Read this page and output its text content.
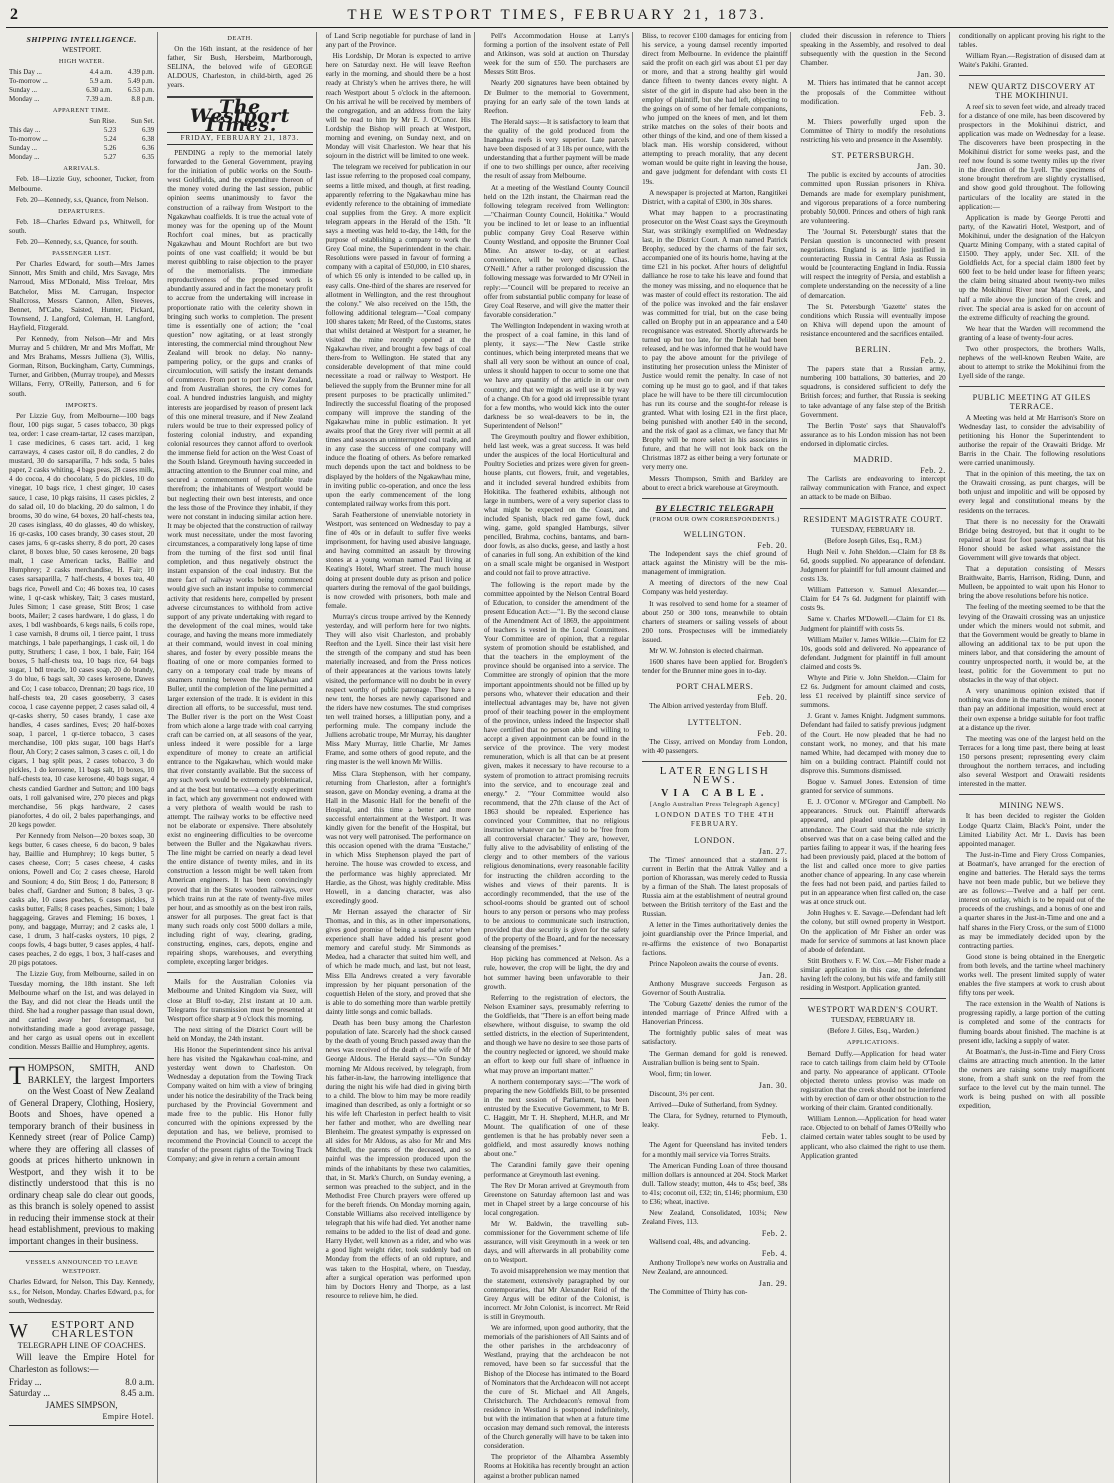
2	THE WESTPORT TIMES, FEBRUARY 21, 1873.
SHIPPING INTELLIGENCE.
WESTPORT.
HIGH WATER.
This Day ...	4.4 a.m.	4.39 p.m.
To-morrow ...	5.9 a.m.	5.49 p.m.
Sunday ...	6.30 a.m.	6.53 p.m.
Monday ...	7.39 a.m.	8.8 p.m.
APPARENT TIME.
	Sun Rise.	Sun Set.
This day ...	5.23	6.39
To-morrow ...	5.24	6.38
Sunday ...	5.26	6.36
Monday ...	5.27	6.35
ARRIVALS.

Feb. 18—Lizzie Guy, schooner, Tucker, from Melbourne.

Feb. 20—Kennedy, s.s, Quance, from Nelson.

DEPARTURES.

Feb. 18—Charles Edward p.s, Whitwell, for south.

Feb. 20—Kennedy, s.s, Quance, for south.

PASSENGER LIST.

Per Charles Edward, for south—Mrs James Sinnott, Mrs Smith and child, Mrs Savage, Mrs Narroud, Miss M'Donald, Miss Treloar, Mrs Batchelor, Miss M. Carrugan, Inspector Shallcross, Messrs Cannon, Allen, Steeves, Bennet, M'Cabe, Saisted, Hunter, Pickard, Townsend, J. Langford, Coleman, H. Langford, Hayfield, Fitzgerald.

Per Kennedy, from Nelson—Mr and Mrs Murray and 5 children, Mr and Mrs Moffatt, Mr and Mrs Brahams, Messrs Julliena (3), Willis, Gorman, Ritson, Buckingham, Carty, Cummings, Turner, and Gribben, (Murray troupe), and Messrs Willans, Ferry, O'Reilly, Patterson, and 6 for south.

IMPORTS.

Per Lizzie Guy, from Melbourne—100 bags flour, 100 pigs sugar, 5 cases tobacco, 30 pkgs tea, order: 1 case cream-tartar, 12 cases marzipan, 1 case medicines, 6 cases tart. acid, 1 keg carraways, 4 cases castor oil, 8 do candles, 2 do mustard, 30 do sarsaparilla, 7 hds soda, 5 bales paper, 2 casks whiting, 4 bags peas, 28 cases milk, 4 do cocoa, 4 do chocolate, 5 do pickles, 10 do vinegar, 10 bags rice, 1 chest ginger, 10 cases sauce, 1 case, 10 pkgs raisins, 11 cases pickles, 2 do salad oil, 10 do blacking, 20 do salmon, 1 do brooms, 30 do wine, 64 boxes, 20 half-chests tea, 20 cases isinglass, 40 do glasses, 40 do whiskey, 16 qr-casks, 100 cases brandy, 30 cases stout, 20 cases jams, 6 qr-casks sherry, 8 do port, 20 cases claret, 8 boxes blue, 50 cases kerosene, 20 bags malt, 1 case American tacks, Baillie and Humphrey; 2 casks merchandise, H. Fair; 10 cases sarsaparilla, 7 half-chests, 4 boxes tea, 40 bags rice, Powell and Co; 46 boxes tea, 10 cases wine, 1 qr-cask whiskey, Tait; 3 cases mustard, Jules Simon; 1 case grease, Stitt Bros; 1 case boots, Mailer; 2 cases hardware, 1 do glass, 1 do axes, 1 bdl washboards, 6 kegs nails, 6 coils rope, 1 case varnish, 8 drums oil, 1 tierce paint, 1 truss matchings, 1 bale paperhangings, 1 cask oil, 1 do putty, Struthers; 1 case, 1 box, 1 bale, Fair; 164 boxes, 5 half-chests tea, 10 bags rice, 64 bags sugar, 1 bdl treacle, 10 cases soap, 20 do brandy, 3 do blue, 6 bags salt, 30 cases kerosene, Dawes and Co; 1 case tobacco, Drennan; 20 bags rice, 10 half-chests tea, 20 cases gooseberry, 3 cases cocoa, 1 case cayenne pepper, 2 cases salad oil, 4 qr-casks sherry, 50 cases brandy, 1 case axe handles, 4 cases sardines, Eves; 20 half-boxes soap, 1 parcel, 1 qr-tierce tobacco, 3 cases merchandise, 100 pkts sugar, 100 bags Hart's flour, Ah Cory; 2 cases salmon, 3 cases c. oil, 1 do cigars, 1 bag split peas, 2 cases tobacco, 3 do pickles, 1 do kerosene, 11 bags salt, 10 boxes, 10 half-chests tea, 10 case kerosene, 40 bags sugar, 4 chests candied Gardner and Sutton; and 100 bags oats, 1 roll galvanised wire, 270 pieces and pkgs merchandise, 56 pkgs hardware, 2 cases pianofortes, 4 do oil, 2 bales paperhangings, and 20 kegs powder.

Per Kennedy from Nelson—20 boxes soap, 30 kegs butter, 6 cases cheese, 6 do bacon, 9 bales hay, Baillie and Humphrey; 10 kegs butter, 5 cases cheese, Corr; 5 cases cheese, 4 casks onions, Powell and Co; 2 cases cheese, Harold and Sounion; 4 do, Stitt Bros; 1 do, Patterson; 8 bales chaff, Gardner and Sutton; 8 bales, 3 qr-casks ale, 10 cases peaches, 6 cases pickles, 3 casks butter, Falls; 8 cases peaches, Simon; 1 bale haggageing, Graves and Fleming; 16 boxes, 1 pony, and baggage, Murray; and 2 casks ale, 1 case, 1 drum, 3 half-casks oysters, 10 pigs, 2 coops fowls, 4 bags butter, 9 cases apples, 4 half-cases peaches, 2 do eggs, 1 box, 3 half-cases and 20 pigs potatoes.

The Lizzie Guy, from Melbourne, sailed in on Tuesday morning, the 18th instant. She left Melbourne wharf on the 1st, and was delayed in the Bay, and did not clear the Heads until the third. She had a rougher passage than usual down, and carried away her foretopmast, but notwithstanding made a good average passage, and her cargo as usual opens out in excellent condition. Messrs Baillie and Humphrey, agents.

T HOMPSON, SMITH, AND BARKLEY, the largest Importers on the West Coast of New Zealand of General Drapery, Clothing, Hosiery, Boots and Shoes, have opened a temporary branch of their business in Kennedy street (rear of Police Camp) where they are offering all classes of goods at prices hitherto unknown in Westport, and they wish it to be distinctly understood that this is no ordinary cheap sale do clear out goods, as this branch is solely opened to assist in reducing their immense stock at their head establishment, previous to making important changes in their business.
VESSELS ANNOUNCED TO LEAVE WESTPORT.

Charles Edward, for Nelson, This Day. Kennedy, s.s., for Nelson, Monday. Charles Edward, p.s, for south, Wednesday.

W ESTPORT AND CHARLESTON
TELEGRAPH LINE OF COACHES.

Will leave the Empire Hotel for Charleston as follows:—

Friday ...	8.0 a.m.
Saturday ...	8.45 a.m.
JAMES SIMPSON,
Empire Hotel.
DEATH.

On the 16th instant, at the residence of her father, Sir Bush, Hersbeim, Marlborough, SELINA, the beloved wife of GEORGE ALDOUS, Charleston, in child-birth, aged 26 years.

The Westport Times.
FRIDAY, FEBRUARY 21, 1873.

PENDING a reply to the memorial lately forwarded to the General Government, praying for the initiation of public works on the South-west Goldfields, and the expenditure thereon of the money voted during the last session, public opinion seems unanimously to favor the construction of a railway from Westport to the Ngakawhau coalfields. It is true the actual vote of money was for the opening up of the Mount Rochfort coal mines, but as practically Ngakawhau and Mount Rochfort are but two points of one vast coalfield; it would be but merest quibbling to raise objection to the prayer of the memorialists. The immediate reproductiveness of the proposed work is abundantly assured and in fact the monetary profit to accrue from the undertaking will increase in proportionate ratio with the celerity shown in bringing such works to completion. The present time is essentially one of action; the "coal question" now agitating, or at least strongly interesting, the commercial mind throughout New Zealand will brook no delay. No nanny-pampering policy, or the gups and cranks of circumlocution, will satisfy the instant demands of commerce. From port to port in New Zealand, and from Australian shores, the cry comes for coal. A hundred industries languish, and mighty interests are jeopardised by reason of present lack of this one mineral treasure, and if New Zealand rulers would be true to their expressed policy of fostering colonial industry, and expanding colonial resources they cannot afford to overlook the immense field for action on the West Coast of the South Island. Greymouth having succeeded in attracting attention to the Brunner coal mine, and secured a commencement of profitable trade therefrom; the inhabitants of Westport would be but neglecting their own best interests, and once the less those of the Province they inhabit, if they were not constant in inducing similar action here. It may be objected that the construction of railway work must necessitate, under the most favoring circumstances, a comparatively long lapse of time from the turning of the first sod until final completion, and thus negatively obstruct the instant expansion of the coal industry. But the mere fact of railway works being commenced would give such an instant impulse to commercial activity that residents here, compelled by present adverse circumstances to withhold from active support of any private undertaking with regard to the development of the coal mines, would take courage, and having the means more immediately at their command, would invest in coal mining shares, and foster by every possible means the floating of one or more companies formed to carry on a temporary coal trade by means of steamers running between the Ngakawhau and Buller, until the completion of the line permitted a larger extension of the trade. It is evident in this direction all efforts, to be successful, must tend. The Buller river is the port on the West Coast from which alone a large trade with coal carrying craft can be carried on, at all seasons of the year, unless indeed it were possible for a large expenditure of money to create an artificial entrance to the Ngakawhau, which would make that river constantly available. But the success of any such work would be extremely problematical, and at the best but tentative—a costly experiment in fact, which any government not endowed with a very plethora of wealth would be rash to attempt. The railway works to be effective need not be elaborate or expensive. There absolutely exist no engineering difficulties to be overcome between the Buller and the Ngakawhau rivers. The line might be carried on nearly a dead level the entire distance of twenty miles, and in its construction a lesson might be well taken from American engineers. It has been convincingly proved that in the States wooden railways, over which trains run at the rate of twenty-five miles per hour, and as smoothly as on the best iron rails, answer for all purposes. The great fact is that many such roads only cost 5000 dollars a mile, including right of way, clearing, grading, constructing, engines, cars, depots, engine and repairing shops, warehouses, and everything complete, excepting larger bridges.

Mails for the Australian Colonies via Melbourne and United Kingdom via Suez, will close at Bluff to-day, 21st instant at 10 a.m. Telegrams for transmission must be presented at Westport office sharp at 9 o'clock this morning.

The next sitting of the District Court will be held on Monday, the 24th instant.

His Honor the Superintendent since his arrival here has visited the Ngakawhau coal-mine, and yesterday went down to Charleston. On Wednesday a deputation from the Towing Track Company waited on him with a view of bringing under his notice the desirability of the Track being purchased by the Provincial Government and made free to the public. His Honor fully concurred with the opinions expressed by the deputation and has, we believe, promised to recommend the Provincial Council to accept the transfer of the present rights of the Towing Track Company; and give in return a certain amount

of Land Scrip negotiable for purchase of land in any part of the Province.

His Lordship, Dr Moran is expected to arrive here on Saturday next. He will leave Reefton early in the morning, and should there be a host ready at Christy's when he arrives there, he will reach Westport about 5 o'clock in the afternoon. On his arrival he will be received by members of the congregation, and an address from the laity will be read to him by Mr E. J. O'Conor. His Lordship the Bishop will preach at Westport, morning and evening, on Sunday next, and on Monday will visit Charleston. We hear that his sojourn in the district will be limited to one week.

The telegram we received for publication in our last issue referring to the proposed coal company, seems a little mixed, and though, at first reading, apparently referring to the Ngakawhau mine has evidently reference to the obtaining of immediate coal supplies from the Grey. A more explicit telegram appears in the Herald of the 15th. "It says a meeting was held to-day, the 14th, for the purpose of establishing a company to work the Grey Coal mine, the Superintendent in the chair. Resolutions were passed in favour of forming a company with a capital of £50,000, in £10 shares, of which £6 only is intended to be called up, in easy calls. One-third of the shares are reserved for allotment in Wellington, and the rest throughout the colony." We also received on the 15th, the following additional telegram—"Coal company 100 shares taken; Mr Reed, of the Customs, states that whilst detained at Westport for a steamer, he visited the mine recently opened at the Ngakawhau river, and brought a few bags of coal there-from to Wellington. He stated that any considerable development of that mine could necessitate a road or railway to Westport. He believed the supply from the Brunner mine for all present purposes to be practically unlimited." Indirectly the successful floating of the proposed company will improve the standing of the Ngakawhau mine in public estimation. It yet awaits proof that the Grey river will permit at all times and seasons an uninterrupted coal trade, and in any case the success of one company will induce the floating of others. As before remarked much depends upon the tact and boldness to be displayed by the holders of the Ngakawhau mine, in inviting public co-operation, and once the less upon the early commencement of the long contemplated railway works from this port.

Sarah Featherstone of unenviable notoriety in Westport, was sentenced on Wednesday to pay a fine of 40s or in default to suffer five weeks imprisonment, for having used abusive language, and having committed an assault by throwing stones at a young woman named Paul living at Keating's Hotel, Wharf street. The much house doing at present double duty as prison and police quarters during the removal of the gaol buildings, is now crowded with prisoners, both male and female.

Murray's circus troupe arrived by the Kennedy yesterday, and will perform here for two nights. They will also visit Charleston, and probably Reefton and the Lyell. Since their last visit here the strength of the company and stud has been materially increased, and from the Press notices of their appearances at the various towns lately visited, the performance will no doubt be in every respect worthy of public patronage. They have a new tent, the horses are newly caparisoned and the riders have new costumes. The stud comprises ten well trained horses, a lilliputian pony, and a performing mule. The company include the Julliens acrobatic troupe, Mr Murray, his daughter Miss Mary Murray, little Charlie, Mr James Frame, and some others of good repute, and the ring master is the well known Mr Willis.

Miss Clara Stephenson, with her company, returning from Charleston, after a fortnight's season, gave on Monday evening, a drama at the Hall in the Masonic Hall for the benefit of the Hospital, and this time a better and more successful entertainment at the Westport. It was kindly given for the benefit of the Hospital, but was not very well patronised. The performance on this occasion opened with the drama "Eustache," in which Miss Stephenson played the part of heroine. The house was crowded to excess, and the performance was highly appreciated. Mr Hardie, as the Ghost, was highly creditable. Miss Howell, in a dancing character, was also exceedingly good.

Mr Hernan assayed the character of Sir Thomas, and in this, as in other impersonations, gives good promise of being a useful actor when experience shall have added his present good memory and careful study. Mr Simmonds as Medea, had a character that suited him well, and of which he made much, and last, but not least, Miss Ella Andrews created a very favorable impression by her piquant personation of the coquettish Helen of the story, and proved that she is able to do something more than warble prettily dainty little songs and comic ballads.

Death has been busy among the Charleston population of late. Scarcely had the shock caused by the death of young Bruch passed away than the news was received of the death of the wife of Mr George Aldous. The Herald says:—"On Sunday morning Mr Aldous received, by telegraph, from his father-in-law, the harrowing intelligence that during the night his wife had died in giving birth to a child. The blow to him may be more readily imagined than described, as only a fortnight or so his wife left Charleston in perfect health to visit her father and mother, who are dwelling near Blenheim. The greatest sympathy is expressed on all sides for Mr Aldous, as also for Mr and Mrs Mitchell, the parents of the deceased, and so painful was the impression produced upon the minds of the inhabitants by these two calamities, that, in St. Mark's Church, on Sunday evening, a sermon was preached to the subject, and in the Methodist Free Church prayers were offered up for the bereft friends. On Monday morning again, Constable Williams also received intelligence by telegraph that his wife had died. Yet another name remains to be added to the list of dead and gone. Harry Hyder, well known as a rider, and who was a good light weight rider, took suddenly bad on Monday from the effects of an old rupture, and was taken to the Hospital, where, on Tuesday, after a surgical operation was performed upon him by Doctors Henry and Thorpe, as a last resource to relieve him, he died.

Pell's Accommodation House at Larry's forming a portion of the insolvent estate of Pell and Atkinson, was sold at auction on Thursday week for the sum of £50. The purchasers are Messrs Stitt Bros.

Nearly 200 signatures have been obtained by Dr Bulmer to the memorial to Government, praying for an early sale of the town lands at Reefton.

The Herald says:—It is satisfactory to learn that the quality of the gold produced from the Inangahua reefs is very superior. Late parcels have been disposed of at 3 18s per ounce, with the understanding that a further payment will be made if one to two shillings per ounce, after receiving the result of assay from Melbourne.

At a meeting of the Westland County Council held on the 12th instant, the Chairman read the following telegram received from Wellington:—"Chairman County Council, Hokitika." Would you be inclined to let or lease to an influential public company Grey Coal Reserve within County Westland, and opposite the Brunner Coal Mine. An answer to-day, or at earliest convenience, will be very obliging. Chas. O'Neill." After a rather prolonged discussion the following message was forwarded to Mr O'Neil in reply:—"Council will be prepared to receive an offer from substantial public company for lease of Grey Coal Reserve, and will give the matter their favorable consideration."

The Wellington Independent in waxing wroth at the prospect of a coal famine, in this land of plenty, it says:—"The New Castle strike continues, which being interpreted means that we shall all very soon be without an ounce of coal, unless it should happen to occur to some one that we have any quantity of the article in our own country, and that we might as well use it by way of a change. Oh for a good old irrepressible tyrant for a few months, who would kick into the outer darkness be so weal-deavers to be in, the Superintendent of Nelson!"

The Greymouth poultry and flower exhibition, held last week, was a great success. It was held under the auspices of the local Horticultural and Poultry Societies and prizes were given for green-house plants, cut flowers, fruit, and vegetables, and it included several hundred exhibits from Hokitika. The feathered exhibits, although not large in numbers, were of a very superior class to what might be expected on the Coast, and included Spanish, black red game fowl, duck wing, game, gold spangled Hamburgs, silver pencilled, Brahma, cochins, bantams, and barn-door fowls, as also ducks, geese, and lastly a host of canaries in full song. An exhibition of the kind on a small scale might be organised in Westport and could not fail to prove attractive.

The following is the report made by the committee appointed by the Nelson Central Board of Education, to consider the amendment of the present Education Act:—"1. By the second clause of the Amendment Act of 1869, the appointment of teachers is vested in the Local Committees. Your Committee are of opinion, that a regular system of promotion should be established, and that the teachers in the employment of the province should be organised into a service. The Committee are strongly of opinion that the more important appointments should not be filled up by persons who, whatever their education and their intellectual advantages may be, have not given proof of their teaching power in the employment of the province, unless indeed the Inspector shall have certified that no person able and willing to accept a given appointment can be found in the service of the province. The very modest remuneration, which is all that can be at present given, makes it necessary to have recourse to a system of promotion to attract promising recruits into the service, and to encourage zeal and energy." 2. "Your Committee would also recommend, that the 27th clause of the Act of 1863 should be repealed. Experience has convinced your Committee, that no religious instruction whatever can be said to be 'free from all controversial character.' They are, however, fully alive to the advisability of enlisting of the clergy and to other members of the various religious denominations, every reasonable facility for instructing the children according to the wishes and views of their parents. It is accordingly recommended, that the use of the school-rooms should be granted out of school hours to any person or persons who may profess to be anxious to communicate such instruction, provided that due security is given for the safety of the property of the Board, and for the necessary cleansing of the premises."

Hop picking has commenced at Nelson. As a rule, however, the crop will be light, the dry and hot summer having been unfavorable to their growth.

Referring to the registration of electors, the Nelson Examiner says, presumably referring to the Goldfields, that "There is an effort being made elsewhere, without disguise, to swamp the old settled districts, in the election of Superintendent, and though we have no desire to see those parts of the country neglected or ignored, we should make an effort to keep our full share of influence in what may prove an important matter."

A northern contemporary says:—"The work of preparing the new Goldfields Bill, to be presented in the next session of Parliament, has been entrusted by the Executive Government, to Mr B. C. Haggitt, Mr T. H. Shepherd, M.H.R, and Mr Mount. The qualification of one of these gentlemen is that he has probably never seen a goldfield, and most assuredly knows nothing about one."

The Carandini family gave their opening performance at Greymouth last evening.

The Rev Dr Moran arrived at Greymouth from Greenstone on Saturday afternoon last and was met in Chapel street by a large concourse of his local congregation.

Mr W. Baldwin, the travelling sub-commissioner for the Government scheme of life assurance, will visit Greymouth in a week or ten days, and will afterwards in all probability come on to Westport.

To avoid misapprehension we may mention that the statement, extensively paragraphed by our contemporaries, that Mr Alexander Reid of the Grey Argus will be editor of the Colonist, is incorrect. Mr John Colonist, is incorrect. Mr Reid is still in Greymouth.

We are informed, upon good authority, that the memorials of the parishioners of All Saints and of the other parishes in the archdeaconry of Westland, praying that the archdeacon be not removed, have been so far successful that the Bishop of the Diocese has intimated to the Board of Nominators that the Archdeacon will not accept the cure of St. Michael and All Angels, Christchurch. The Archdeacon's removal from residence in Westland is postponed indefinitely, but with the intimation that when at a future time occasion may demand such removal, the interests of the Church generally will have to be taken into consideration.

The proprietor of the Alhambra Assembly Rooms at Hokitika has recently brought an action against a brother publican named

Bliss, to recover £100 damages for enticing from his service, a young damsel recently imported direct from Melbourne. In evidence the plaintiff said the profit on each girl was about £1 per day or more, and that a strong healthy girl would dance fifteen to twenty dances every night. A sister of the girl in dispute had also been in the employ of plaintiff, but she had left, objecting to the goings on of some of her female companions, who jumped on the knees of men, and let them strike matches on the soles of their boots and other things of the kind, and one of them kissed a black man. His worship considered, without attempting to preach morality, that any decent woman would be quite right in leaving the house, and gave judgment for defendant with costs £1 19s.

A newspaper is projected at Marton, Rangitikei District, with a capital of £300, in 30s shares.

What may happen to a procrastinating prosecutor on the West Coast says the Greymouth Star, was strikingly exemplified on Wednesday last, in the District Court. A man named Patrick Brophy, seduced by the charms of the fair sex, accompanied one of its houris home, having at the time £21 in his pocket. After hours of delightful dalliance he rose to take his leave and found that the money was missing, and no eloquence that he was master of could effect its restoration. The aid of the police was invoked and the fair enslaver was committed for trial, but on the case being called on Brophy put in an appearance and a £40 recognisance was estreated. Shortly afterwards he turned up but too late, for the Delilah had been released, and he was informed that he would have to pay the above amount for the privilege of instituting her prosecution unless the Minister of Justice would remit the penalty. In case of not coming up he must go to gaol, and if that takes place he will have to be there till circumlocution has run its course and the sought-for release is granted. What with losing £21 in the first place, being punished with another £40 in the second, and the risk of gaol as a climax, we fancy that Mr Brophy will be more select in his associates in future, and that he will not look back on the Christmas 1872 as either being a very fortunate or very merry one.

Messrs Thompson, Smith and Barkley are about to erect a brick warehouse at Greymouth.

BY ELECTRIC TELEGRAPH
(FROM OUR OWN CORRESPONDENTS.)
WELLINGTON.
Feb. 20.

The Independent says the chief ground of attack against the Ministry will be the mis-management of immigration.

A meeting of directors of the new Coal Company was held yesterday.

It was resolved to send home for a steamer of about 250 or 300 tons, meanwhile to obtain charters of steamers or sailing vessels of about 200 tons. Prospectuses will be immediately issued.

Mr W. W. Johnston is elected chairman.

1600 shares have been applied for. Brogden's tender for the Brunner mine goes in to-day.

PORT CHALMERS.
Feb. 20.

The Albion arrived yesterday from Bluff.

LYTTELTON.
Feb. 20.

The Cissy, arrived on Monday from London, with 40 passengers.

LATER ENGLISH NEWS.
VIA CABLE.
[Anglo Australian Press Telegraph Agency]
LONDON DATES TO THE 4TH FEBRUARY.
LONDON.
Jan. 27.

The 'Times' announced that a statement is current in Berlin that the Attrak Valley and a portion of Khorassan, was merely ceded to Russia by a firman of the Shah. The latest proposals of Russia aim at the establishment of neutral ground between the British territory of the East and the Russian.

A letter in the Times authoritatively denies the joint guardianship over the Prince Imperial, and re-affirms the existence of two Bonapartist factions.

Prince Napoleon awaits the course of events.

Jan. 28.

Anthony Musgrave succeeds Ferguson as Governor of South Australia.

The 'Coburg Gazette' denies the rumor of the intended marriage of Prince Alfred with a Hanoverian Princess.

The fortnightly public sales of meat was satisfactory.

The German demand for gold is renewed. Australian bullion is being sent to Spain.

Wool, firm; tin lower.

Jan. 30.

Discount, 3½ per cent.

Arrived—Duke of Sutherland, from Sydney.

The Clara, for Sydney, returned to Plymouth, leaky.

Feb. 1.

The Agent for Queensland has invited tenders for a monthly mail service via Torres Straits.

The American Funding Loan of three thousand million dollars is announced at 204. Stock Market dull. Tallow steady; mutton, 44s to 45s; beef, 38s to 41s; coconut oil, £32; tin, £146; phormium, £30 to £36; wheat, inactive.

New Zealand, Consolidated, 103¼; New Zealand Fives, 113.

Feb. 2.

Wallsend coal, 48s, and advancing.

Feb. 4.

Anthony Trollope's new works on Australia and New Zealand, are announced.

Jan. 29.

The Committee of Thirty has con-

cluded their discussion in reference to Thiers speaking in the Assembly, and resolved to deal subsequently with the question in the Second Chamber.

Jan. 30.

M. Thiers has intimated that he cannot accept the proposals of the Committee without modification.

Feb. 3.

M. Thiers powerfully urged upon the Committee of Thirty to modify the resolutions restricting his veto and presence in the Assembly.

ST. PETERSBURGH.
Jan. 30.

The public is excited by accounts of atrocities committed upon Russian prisoners in Khiva. Demands are made for exemplary punishment, and vigorous preparations of a force numbering probably 50,000. Princes and others of high rank are volunteering.

The 'Journal St. Petersburgh' states that the Persian question is unconnected with present negotiations. England is as little justified in counteracting Russia in Central Asia as Russia would be [counteracting England in India. Russia will respect the integrity of Persia, and establish a complete understanding on the necessity of a line of demarcation.

The St. Petersburgh 'Gazette' states the conditions which Russia will eventually impose on Khiva will depend upon the amount of resistance encountered and the sacrifices entailed.

BERLIN.
Feb. 2.

The papers state that a Russian army, numbering 100 battalions, 30 batteries, and 20 squadrons, is considered sufficient to defy the British forces; and further, that Russia is seeking to take advantage of any false step of the British Government.

The Berlin 'Poste' says that Shauvaloff's assurance as to his London mission has not been endorsed in diplomatic circles.

MADRID.
Feb. 2.

The Carlists are endeavoring to intercept railway communication with France, and expect an attack to be made on Bilbao.

RESIDENT MAGISTRATE COURT.
TUESDAY, FEBRUARY 18.
(Before Joseph Giles, Esq., R.M.)

Hugh Neil v. John Sheldon.—Claim for £8 8s 6d, goods supplied. No appearance of defendant. Judgment for plaintiff for full amount claimed and costs 13s.

William Patterson v. Samuel Alexander.—Claim for £4 7s 6d. Judgment for plaintiff with costs 9s.

Same v. Charles M'Dowell.—Claim for £1 8s. Judgment for plaintiff with costs 5s.

William Mailer v. James Wilkie.—Claim for £2 10s, goods sold and delivered. No appearance of defendant. Judgment for plaintiff in full amount claimed and costs 9s.

Whyte and Pirie v. John Sheldon.—Claim for £2 6s. Judgment for amount claimed and costs, less £1 received by plaintiff since service of summons.

J. Grant v. James Knight. Judgment summons. Defendant had failed to satisfy previous judgment of the Court. He now pleaded that he had no constant work, no money, and that his mate named White, had decamped with money due to him on a building contract. Plaintiff could not disprove this. Summons dismissed.

Bogue v. Samuel Jones. Extension of time granted for service of summons.

E. J. O'Conor v. M'Gregor and Campbell. No appearances. Struck out. Plaintiff afterwards appeared, and pleaded unavoidable delay in attendance. The Court said that the rule strictly observed was that on a case being called and the parties failing to appear it was, if the hearing fees had been previously paid, placed at the bottom of the list and called once more to give parties another chance of appearing. In any case wherein the fees had not been paid, and parties failed to put in an appearance when first called on, the case was at once struck out.

John Hughes v. E. Savage.—Defendant had left the colony, but still owned property in Westport. On the application of Mr Fisher an order was made for service of summons at last known place of abode of defendant.

Stitt Brothers v. F. W. Cox.—Mr Fisher made a similar application in this case, the defendant having left the colony, but his wife and family still residing in Westport. Application granted.

WESTPORT WARDEN'S COURT.
TUESDAY, FEBRUARY 18.
(Before J. Giles, Esq., Warden.)
APPLICATIONS.

Bernard Duffy.—Application for head water race to catch tailings from claim held by O'Toole and party. No appearance of applicant. O'Toole objected thereto unless proviso was made on registration that the creek should not be interfered with by erection of dam or other obstruction to the working of their claim. Granted conditionally.

William Lennon.—Application for head water race. Objected to on behalf of James O'Reilly who claimed certain water tables sought to be used by applicant, who also claimed the right to use them. Application granted

conditionally on applicant proving his right to the tables.

William Ryan.—Registration of disused dam at Waite's Pakihi. Granted.

NEW QUARTZ DISCOVERY AT THE MOKIHINUI.

A reef six to seven feet wide, and already traced for a distance of one mile, has been discovered by prospectors in the Mokihinui district, and application was made on Wednesday for a lease. The discoverers have been prospecting in the Mokihinui district for some weeks past, and the reef now found is some twenty miles up the river in the direction of the Lyell. The specimens of stone brought therefrom are slightly crystallised, and show good gold throughout. The following particulars of the locality are stated in the application:—

Application is made by George Perotti and party, of the Kawatiri Hotel, Westport, and of Mokihinui, under the designation of the Halcyon Quartz Mining Company, with a stated capital of £1500. They apply, under Sec. XII. of the Goldfields Act, for a special claim 1800 feet by 600 feet to be held under lease for fifteen years; the claim being situated about twenty-two miles up the Mokihinui River near Maori Creek, and half a mile above the junction of the creek and river. The special area is asked for on account of the extreme difficulty of reaching the ground.

We hear that the Warden will recommend the granting of a lease of twenty-four acres.

Two other prospectors, the brothers Walls, nephews of the well-known Reuben Waite, are about to attempt to strike the Mokihinui from the Lyell side of the range.

PUBLIC MEETING AT GILES TERRACE.

A Meeting was held at Mr Harrison's Store on Wednesday last, to consider the advisability of petitioning his Honor the Superintendent to authorise the repair of the Orawaiti Bridge. Mr Barris in the Chair. The following resolutions were carried unanimously.

That in the opinion of this meeting, the tax on the Orawaiti crossing, as punt charges, will be both unjust and impolitic and will be opposed by every legal and constitutional means by the residents on the terraces.

That there is no necessity for the Orawaiti Bridge being destroyed, but that it ought to be repaired at least for foot passengers, and that his Honor should be asked what assistance the Government will give towards that object.

That a deputation consisting of Messrs Braithwaite, Barris, Harrison, Riding, Dunn, and Mulleen, be appointed to wait upon his Honor to bring the above resolutions before his notice.

The feeling of the meeting seemed to be that the levying of the Orawaiti crossing was an unjustice under which the miners would not submit, and that the Government would be greatly to blame in allowing an additional tax to be put upon the miners labor, and that considering the amount of country unprospected north, it would be, at the least, politic for the Government to put no obstacles in the way of that object.

A very unanimous opinion existed that if nothing was done in the matter the miners, sooner than pay an additional imposition, would erect at their own expense a bridge suitable for foot traffic at a distance up the river.

The meeting was one of the largest held on the Terraces for a long time past, there being at least 150 persons present; representing every claim throughout the northern terraces, and including also several Westport and Orawaiti residents interested in the matter.

MINING NEWS.

It has been decided to register the Golden Lodge Quartz Claim, Black's Point, under the Limited Liability Act. Mr L. Davis has been appointed manager.

The Just-in-Time and Fiery Cross Companies, at Boatman's, have arranged for the erection of engine and batteries. The Herald says the terms have not been made public, but we believe they are as follows:—Twelve and a half per cent. interest on outlay, which is to be repaid out of the proceeds of the crushings, and a bonus of one and a quarter shares in the Just-in-Time and one and a half shares in the Fiery Cross, or the sum of £1000 as may be immediately decided upon by the contracting parties.

Good stone is being obtained in the Energetic from both levels, and the tartine wheel machinery works well. The present limited supply of water enables the five stampers at work to crush about fifty tons per week.

The race extension in the Wealth of Nations is progressing rapidly, a large portion of the cutting is completed and some of the contracts for fluming boards about finished. The machine is at present idle, lacking a supply of water.

At Boatman's, the Just-in-Time and Fiery Cross claims are attracting much attention. In the latter the owners are raising some truly magnificent stone, from a shaft sunk on the reef from the surface to the level cut by the main tunnel. The work is being pushed on with all possible expedition,
